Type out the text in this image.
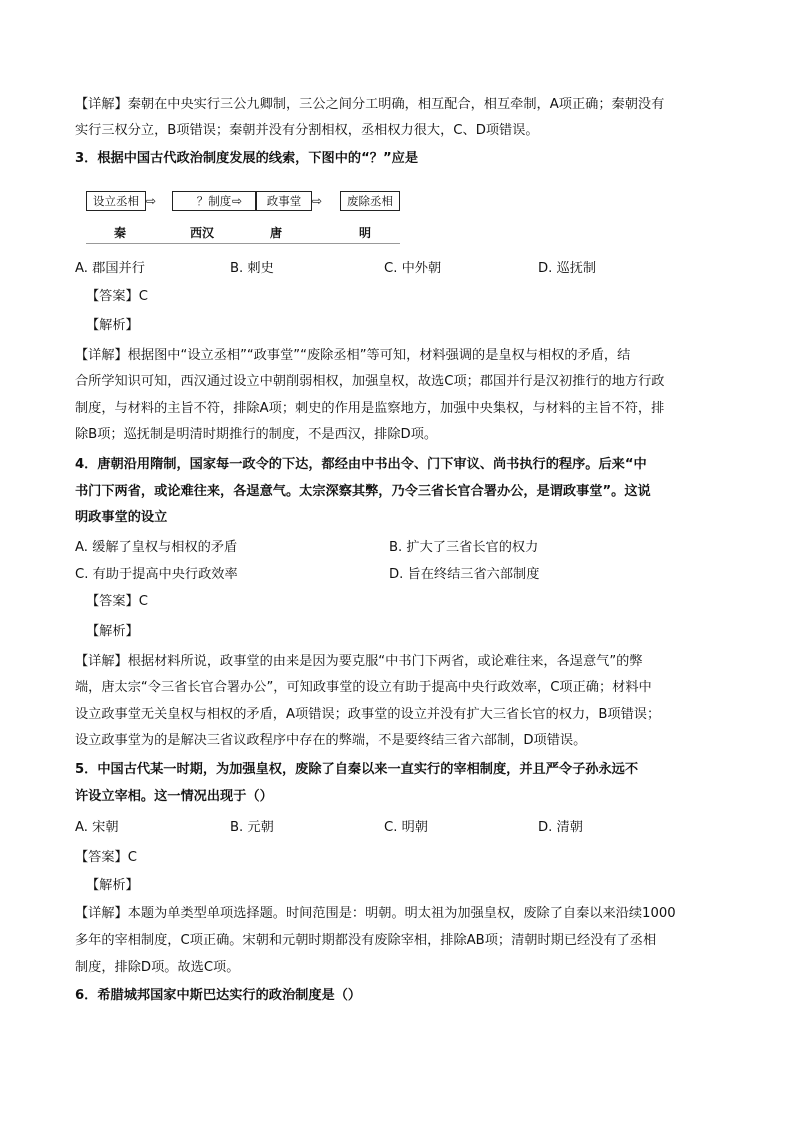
【详解】秦朝在中央实行三公九卿制，三公之间分工明确，相互配合，相互牵制，A项正确；秦朝没有
实行三权分立，B项错误；秦朝并没有分割相权，丞相权力很大，C、D项错误。
3．根据中国古代政治制度发展的线索，下图中的“？”应是
设立丞相 ⇨	？制度 ⇨	政事堂 ⇨	废除丞相
秦	西汉	唐	明
A. 郡国并行	B. 刺史	C. 中外朝	D. 巡抚制
【答案】C
【解析】
【详解】根据图中“设立丞相”“政事堂”“废除丞相”等可知，材料强调的是皇权与相权的矛盾，结
合所学知识可知，西汉通过设立中朝削弱相权，加强皇权，故选C项；郡国并行是汉初推行的地方行政
制度，与材料的主旨不符，排除A项；刺史的作用是监察地方，加强中央集权，与材料的主旨不符，排
除B项；巡抚制是明清时期推行的制度，不是西汉，排除D项。
4．唐朝沿用隋制，国家每一政令的下达，都经由中书出令、门下审议、尚书执行的程序。后来“中
书门下两省，或论难往来，各逞意气。太宗深察其弊，乃令三省长官合署办公，是谓政事堂”。这说
明政事堂的设立
A. 缓解了皇权与相权的矛盾	B. 扩大了三省长官的权力
C. 有助于提高中央行政效率	D. 旨在终结三省六部制度
【答案】C
【解析】
【详解】根据材料所说，政事堂的由来是因为要克服“中书门下两省，或论难往来，各逞意气”的弊
端，唐太宗“令三省长官合署办公”，可知政事堂的设立有助于提高中央行政效率，C项正确；材料中
设立政事堂无关皇权与相权的矛盾，A项错误；政事堂的设立并没有扩大三省长官的权力，B项错误；
设立政事堂为的是解决三省议政程序中存在的弊端，不是要终结三省六部制，D项错误。
5．中国古代某一时期，为加强皇权，废除了自秦以来一直实行的宰相制度，并且严令子孙永远不
许设立宰相。这一情况出现于（）
A. 宋朝	B. 元朝	C. 明朝	D. 清朝
【答案】C
【解析】
【详解】本题为单类型单项选择题。时间范围是：明朝。明太祖为加强皇权，废除了自秦以来沿续1000
多年的宰相制度，C项正确。宋朝和元朝时期都没有废除宰相，排除AB项；清朝时期已经没有了丞相
制度，排除D项。故选C项。
6．希腊城邦国家中斯巴达实行的政治制度是（）
